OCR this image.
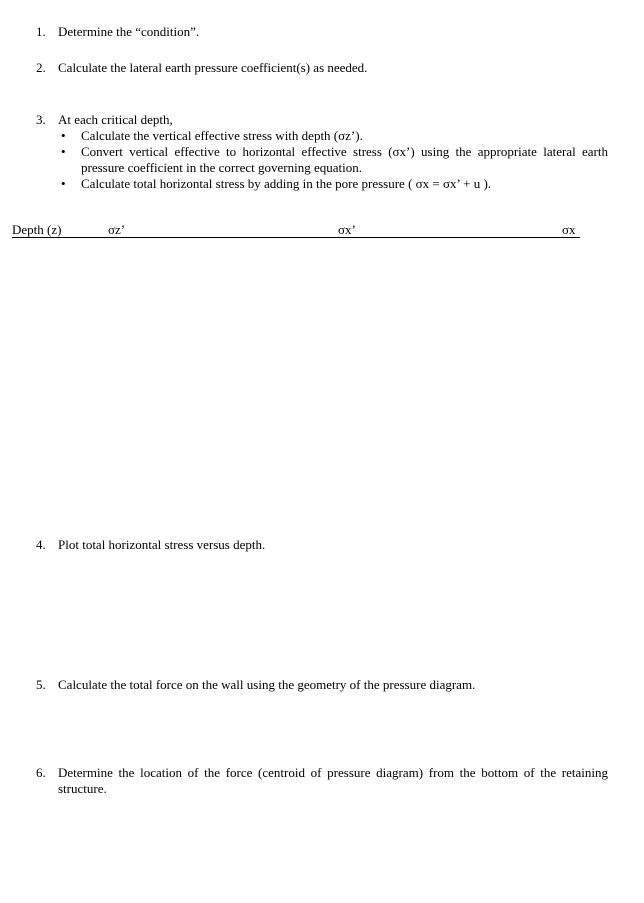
1. Determine the “condition”.
2. Calculate the lateral earth pressure coefficient(s) as needed.
3. At each critical depth,
• Calculate the vertical effective stress with depth (σz’).
• Convert vertical effective to horizontal effective stress (σx’) using the appropriate lateral earth pressure coefficient in the correct governing equation.
• Calculate total horizontal stress by adding in the pore pressure ( σx = σx’ + u ).
Depth (z)	σz’	σx’	σx
4. Plot total horizontal stress versus depth.
5. Calculate the total force on the wall using the geometry of the pressure diagram.
6. Determine the location of the force (centroid of pressure diagram) from the bottom of the retaining structure.
